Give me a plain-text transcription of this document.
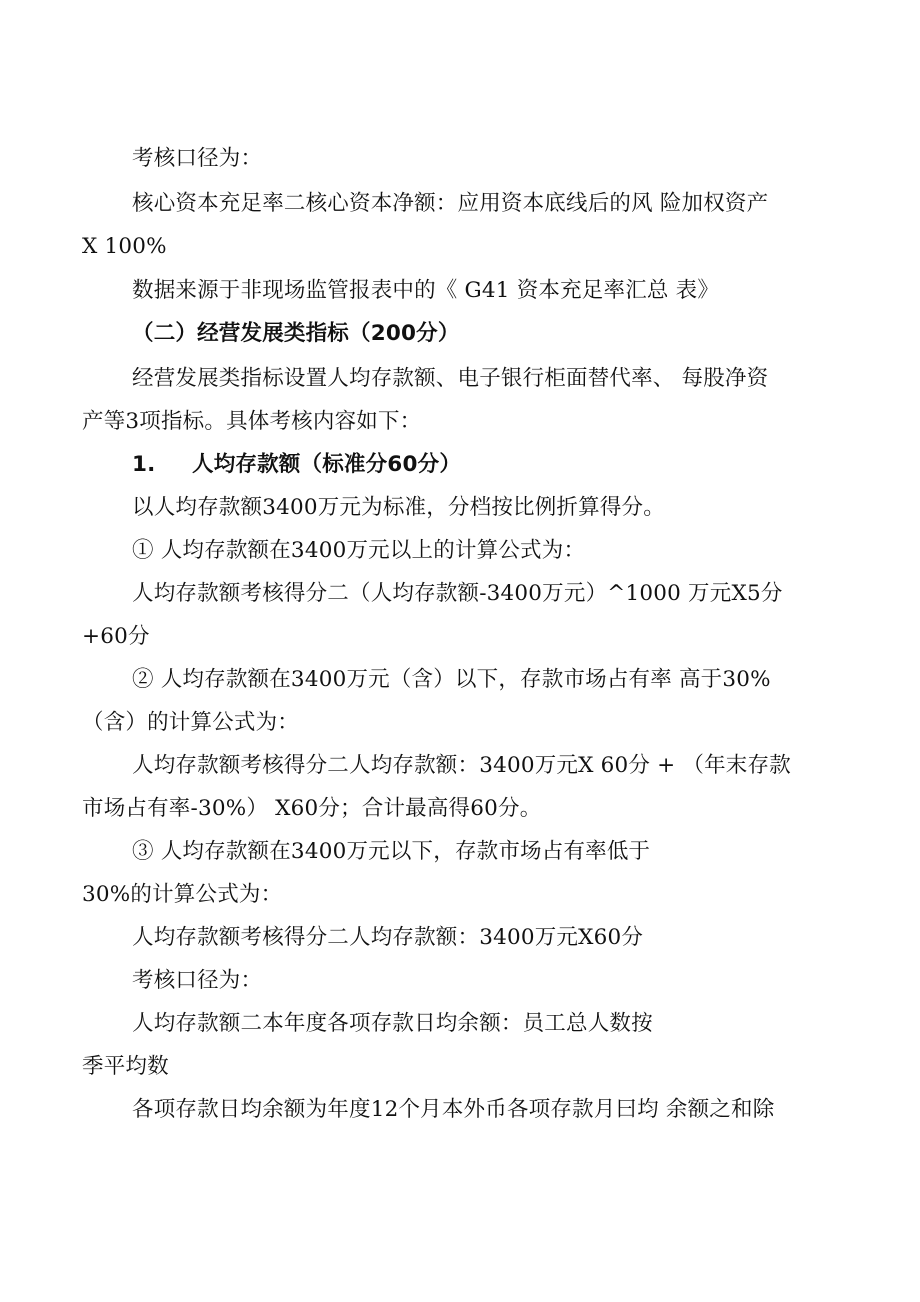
考核口径为：
核心资本充足率二核心资本净额：应用资本底线后的风 险加权资产
X 100%
数据来源于非现场监管报表中的《 G41 资本充足率汇总 表》
（二）经营发展类指标（200分）
经营发展类指标设置人均存款额、电子银行柜面替代率、 每股净资
产等3项指标。具体考核内容如下：
1. 人均存款额（标准分60分）
以人均存款额3400万元为标准，分档按比例折算得分。
① 人均存款额在3400万元以上的计算公式为：
人均存款额考核得分二（人均存款额-3400万元）^1000 万元X5分
+60分
② 人均存款额在3400万元（含）以下，存款市场占有率 高于30%
（含）的计算公式为：
人均存款额考核得分二人均存款额：3400万元X 60分 + （年末存款
市场占有率-30%） X60分；合计最高得60分。
③ 人均存款额在3400万元以下，存款市场占有率低于
30%的计算公式为：
人均存款额考核得分二人均存款额：3400万元X60分
考核口径为：
人均存款额二本年度各项存款日均余额：员工总人数按
季平均数
各项存款日均余额为年度12个月本外币各项存款月曰均 余额之和除
